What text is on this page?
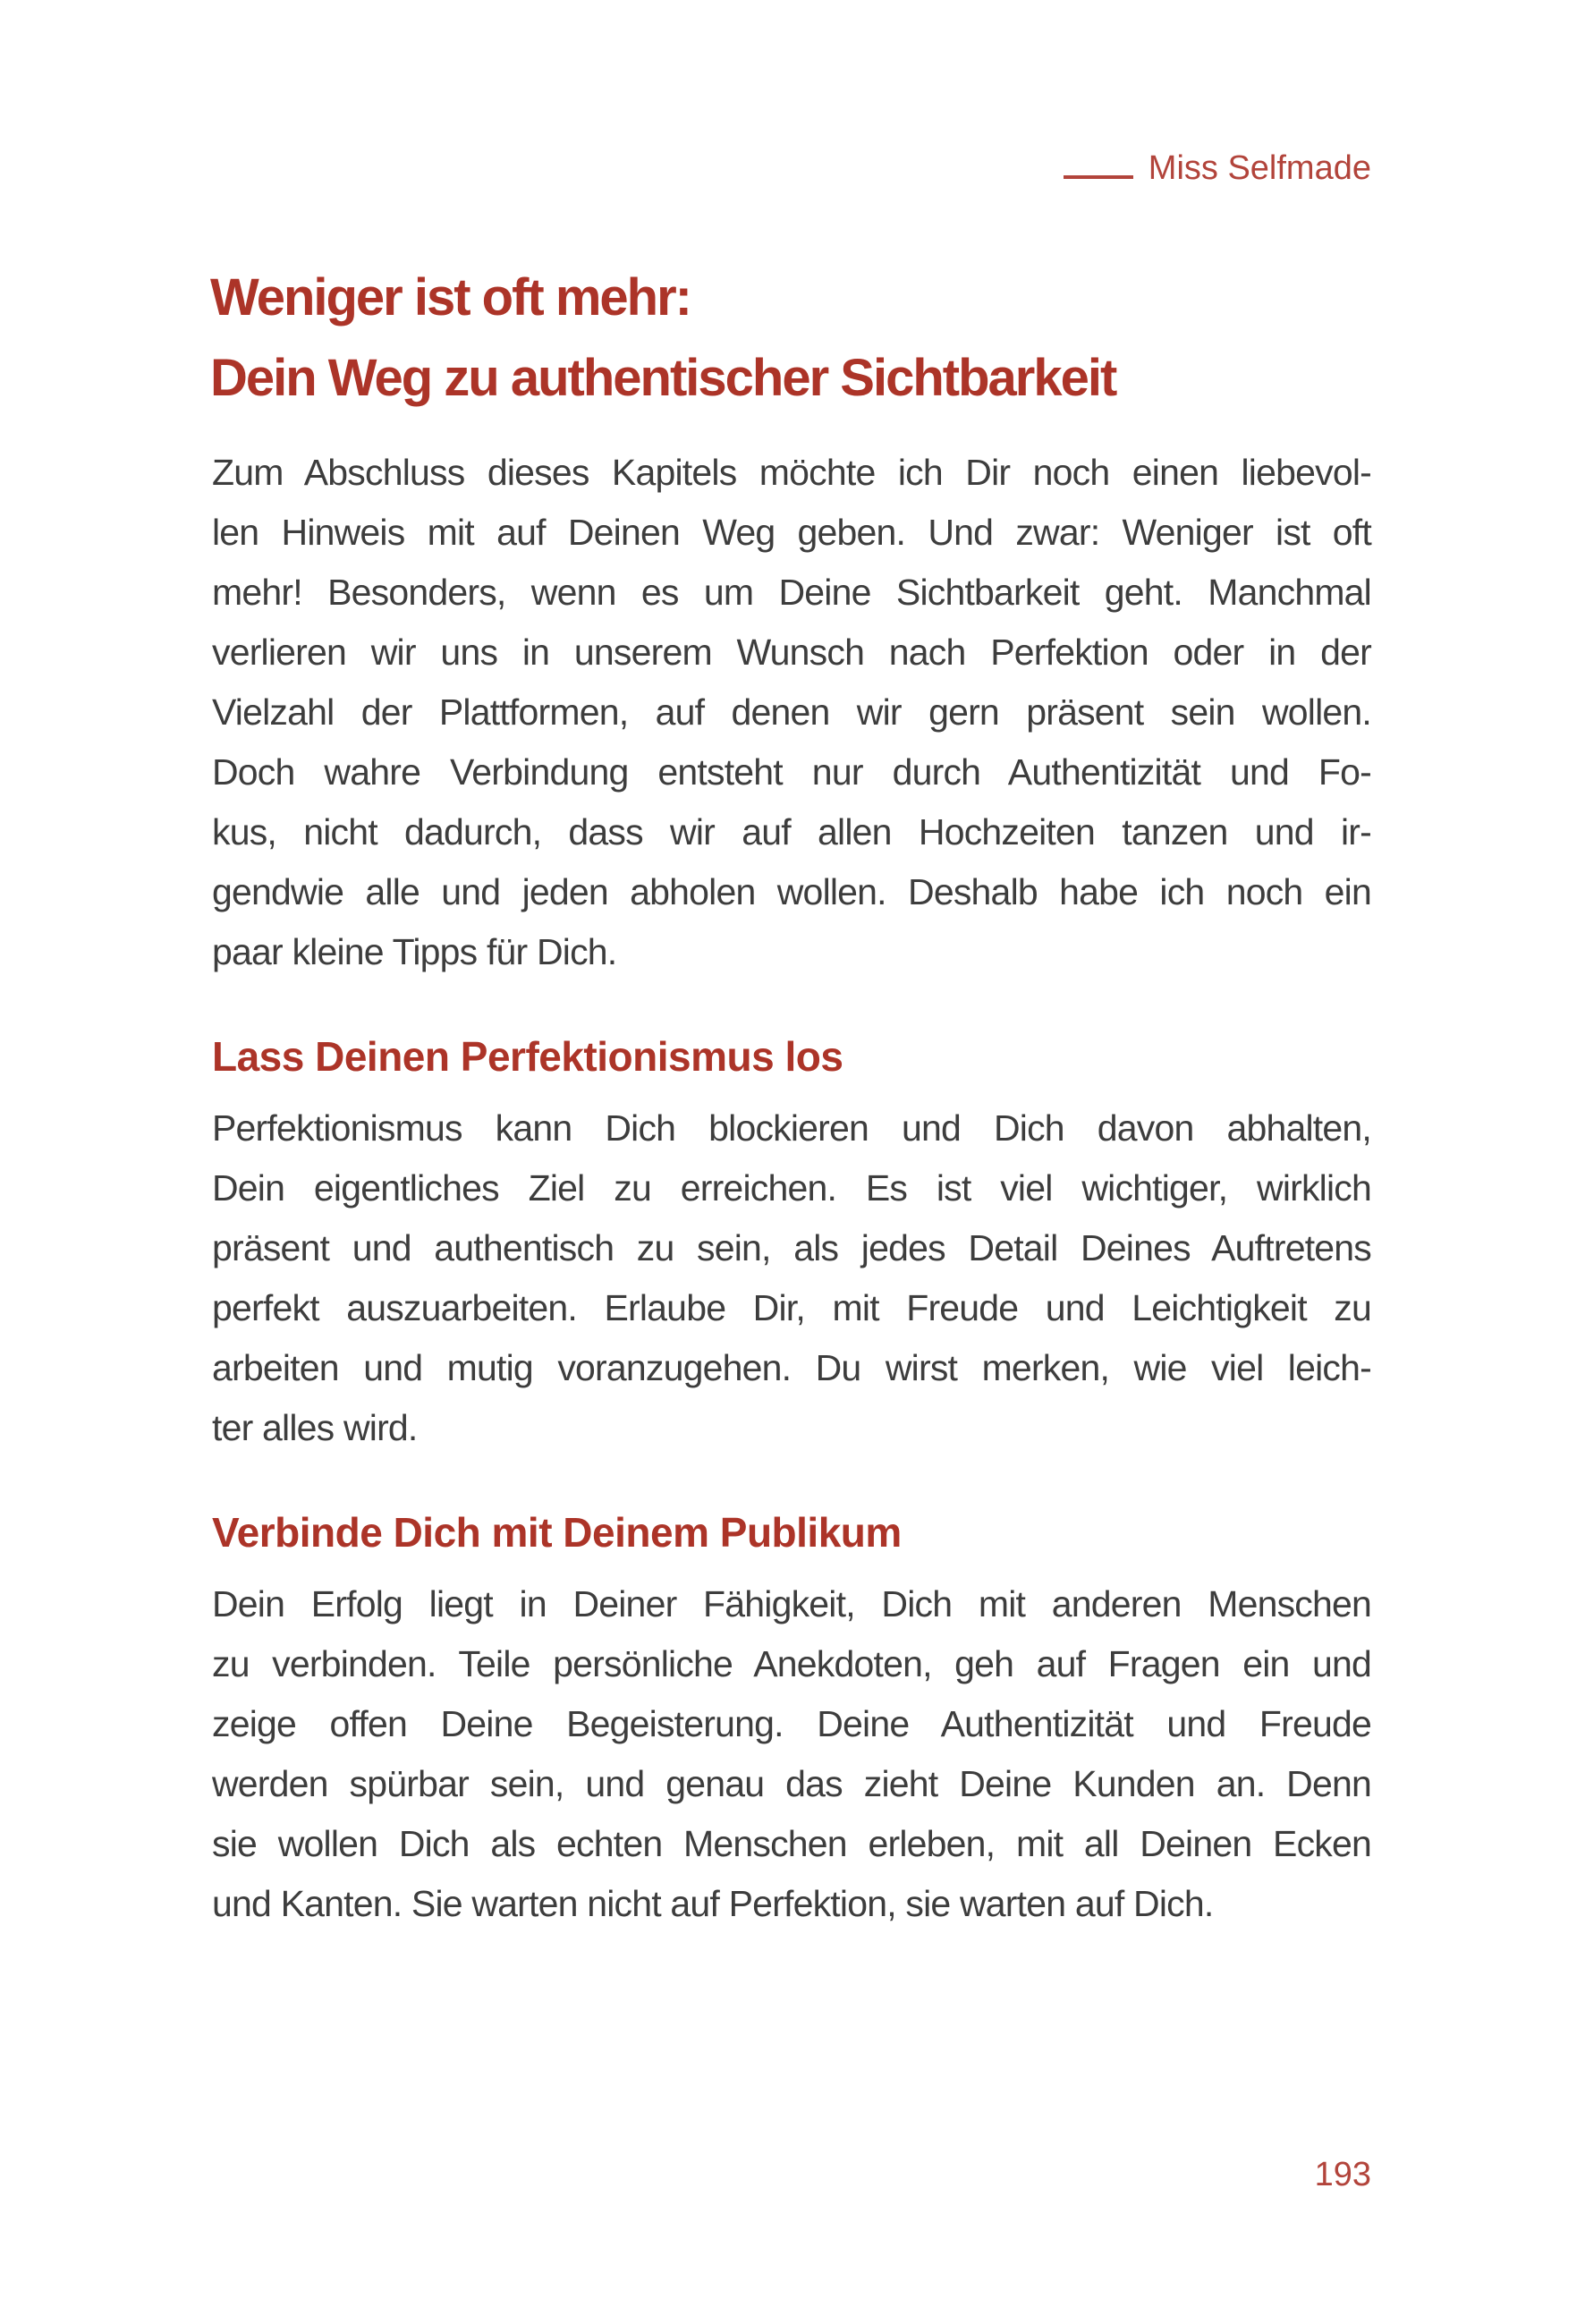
Miss Selfmade
Weniger ist oft mehr:
Dein Weg zu authentischer Sichtbarkeit
Zum Abschluss dieses Kapitels möchte ich Dir noch einen liebevol-
len Hinweis mit auf Deinen Weg geben. Und zwar: Weniger ist oft
mehr! Besonders, wenn es um Deine Sichtbarkeit geht. Manchmal
verlieren wir uns in unserem Wunsch nach Perfektion oder in der
Vielzahl der Plattformen, auf denen wir gern präsent sein wollen.
Doch wahre Verbindung entsteht nur durch Authentizität und Fo-
kus, nicht dadurch, dass wir auf allen Hochzeiten tanzen und ir-
gendwie alle und jeden abholen wollen. Deshalb habe ich noch ein
paar kleine Tipps für Dich.
Lass Deinen Perfektionismus los
Perfektionismus kann Dich blockieren und Dich davon abhalten,
Dein eigentliches Ziel zu erreichen. Es ist viel wichtiger, wirklich
präsent und authentisch zu sein, als jedes Detail Deines Auftretens
perfekt auszuarbeiten. Erlaube Dir, mit Freude und Leichtigkeit zu
arbeiten und mutig voranzugehen. Du wirst merken, wie viel leich-
ter alles wird.
Verbinde Dich mit Deinem Publikum
Dein Erfolg liegt in Deiner Fähigkeit, Dich mit anderen Menschen
zu verbinden. Teile persönliche Anekdoten, geh auf Fragen ein und
zeige offen Deine Begeisterung. Deine Authentizität und Freude
werden spürbar sein, und genau das zieht Deine Kunden an. Denn
sie wollen Dich als echten Menschen erleben, mit all Deinen Ecken
und Kanten. Sie warten nicht auf Perfektion, sie warten auf Dich.
193
